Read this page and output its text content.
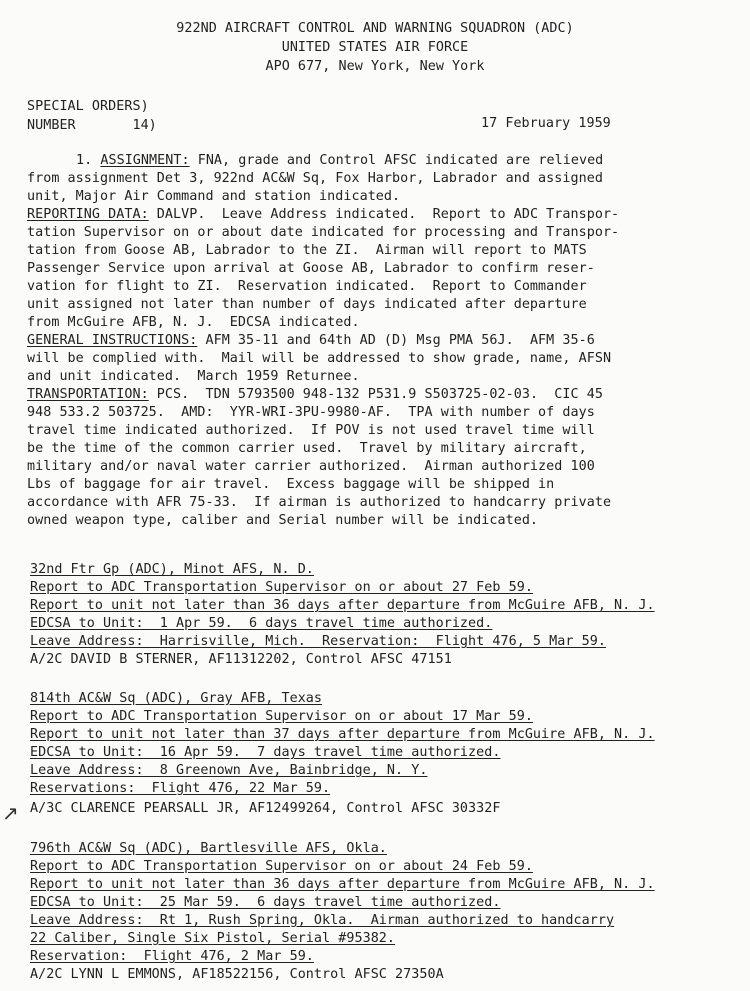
922ND AIRCRAFT CONTROL AND WARNING SQUADRON (ADC)
UNITED STATES AIR FORCE
APO 677, New York, New York
SPECIAL ORDERS)
NUMBER       14)	17 February 1959
1. ASSIGNMENT: FNA, grade and Control AFSC indicated are relieved
from assignment Det 3, 922nd AC&W Sq, Fox Harbor, Labrador and assigned
unit, Major Air Command and station indicated.
REPORTING DATA: DALVP.  Leave Address indicated.  Report to ADC Transpor-
tation Supervisor on or about date indicated for processing and Transpor-
tation from Goose AB, Labrador to the ZI.  Airman will report to MATS
Passenger Service upon arrival at Goose AB, Labrador to confirm reser-
vation for flight to ZI.  Reservation indicated.  Report to Commander
unit assigned not later than number of days indicated after departure
from McGuire AFB, N. J.  EDCSA indicated.
GENERAL INSTRUCTIONS: AFM 35-11 and 64th AD (D) Msg PMA 56J.  AFM 35-6
will be complied with.  Mail will be addressed to show grade, name, AFSN
and unit indicated.  March 1959 Returnee.
TRANSPORTATION: PCS.  TDN 5793500 948-132 P531.9 S503725-02-03.  CIC 45
948 533.2 503725.  AMD:  YYR-WRI-3PU-9980-AF.  TPA with number of days
travel time indicated authorized.  If POV is not used travel time will
be the time of the common carrier used.  Travel by military aircraft,
military and/or naval water carrier authorized.  Airman authorized 100
Lbs of baggage for air travel.  Excess baggage will be shipped in
accordance with AFR 75-33.  If airman is authorized to handcarry private
owned weapon type, caliber and Serial number will be indicated.
32nd Ftr Gp (ADC), Minot AFS, N. D.
Report to ADC Transportation Supervisor on or about 27 Feb 59.
Report to unit not later than 36 days after departure from McGuire AFB, N. J.
EDCSA to Unit:  1 Apr 59.  6 days travel time authorized.
Leave Address:  Harrisville, Mich.  Reservation:  Flight 476, 5 Mar 59.
A/2C DAVID B STERNER, AF11312202, Control AFSC 47151
814th AC&W Sq (ADC), Gray AFB, Texas
Report to ADC Transportation Supervisor on or about 17 Mar 59.
Report to unit not later than 37 days after departure from McGuire AFB, N. J.
EDCSA to Unit:  16 Apr 59.  7 days travel time authorized.
Leave Address:  8 Greenown Ave, Bainbridge, N. Y.
Reservations:  Flight 476, 22 Mar 59.
A/3C CLARENCE PEARSALL JR, AF12499264, Control AFSC 30332F
↗
796th AC&W Sq (ADC), Bartlesville AFS, Okla.
Report to ADC Transportation Supervisor on or about 24 Feb 59.
Report to unit not later than 36 days after departure from McGuire AFB, N. J.
EDCSA to Unit:  25 Mar 59.  6 days travel time authorized.
Leave Address:  Rt 1, Rush Spring, Okla.  Airman authorized to handcarry
22 Caliber, Single Six Pistol, Serial #95382.
Reservation:  Flight 476, 2 Mar 59.
A/2C LYNN L EMMONS, AF18522156, Control AFSC 27350A
